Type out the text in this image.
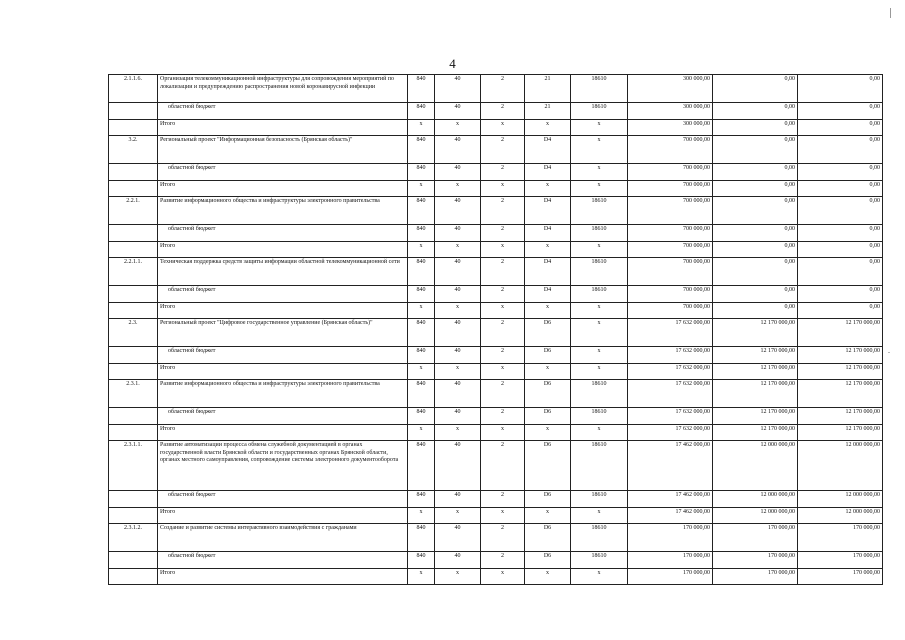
4
2.1.1.6.	Организация телекоммуникационной инфраструктуры для сопровождения мероприятий по локализации и предупреждению распространения новой коронавирусной инфекции	840	40	2	21	18610	300 000,00	0,00	0,00
	областной бюджет	840	40	2	21	18610	300 000,00	0,00	0,00
	Итого	x	x	x	x	x	300 000,00	0,00	0,00
3.2.	Региональный проект "Информационная безопасность (Брянская область)"	840	40	2	D4	x	700 000,00	0,00	0,00
	областной бюджет	840	40	2	D4	x	700 000,00	0,00	0,00
	Итого	x	x	x	x	x	700 000,00	0,00	0,00
2.2.1.	Развитие информационного общества и инфраструктуры электронного правительства	840	40	2	D4	18610	700 000,00	0,00	0,00
	областной бюджет	840	40	2	D4	18610	700 000,00	0,00	0,00
	Итого	x	x	x	x	x	700 000,00	0,00	0,00
2.2.1.1.	Техническая поддержка средств защиты информации областной телекоммуникационной сети	840	40	2	D4	18610	700 000,00	0,00	0,00
	областной бюджет	840	40	2	D4	18610	700 000,00	0,00	0,00
	Итого	x	x	x	x	x	700 000,00	0,00	0,00
2.3.	Региональный проект "Цифровое государственное управление (Брянская область)"	840	40	2	D6	x	17 632 000,00	12 170 000,00	12 170 000,00
	областной бюджет	840	40	2	D6	x	17 632 000,00	12 170 000,00	12 170 000,00
	Итого	x	x	x	x	x	17 632 000,00	12 170 000,00	12 170 000,00
2.3.1.	Развитие информационного общества и инфраструктуры электронного правительства	840	40	2	D6	18610	17 632 000,00	12 170 000,00	12 170 000,00
	областной бюджет	840	40	2	D6	18610	17 632 000,00	12 170 000,00	12 170 000,00
	Итого	x	x	x	x	x	17 632 000,00	12 170 000,00	12 170 000,00
2.3.1.1.	Развитие автоматизации процесса обмена служебной документацией в органах государственной власти Брянской области и государственных органах Брянской области, органах местного самоуправления, сопровождение системы электронного документооборота	840	40	2	D6	18610	17 462 000,00	12 000 000,00	12 000 000,00
	областной бюджет	840	40	2	D6	18610	17 462 000,00	12 000 000,00	12 000 000,00
	Итого	x	x	x	x	x	17 462 000,00	12 000 000,00	12 000 000,00
2.3.1.2.	Создание и развитие системы интерактивного взаимодействия с гражданами	840	40	2	D6	18610	170 000,00	170 000,00	170 000,00
	областной бюджет	840	40	2	D6	18610	170 000,00	170 000,00	170 000,00
	Итого	x	x	x	x	x	170 000,00	170 000,00	170 000,00
